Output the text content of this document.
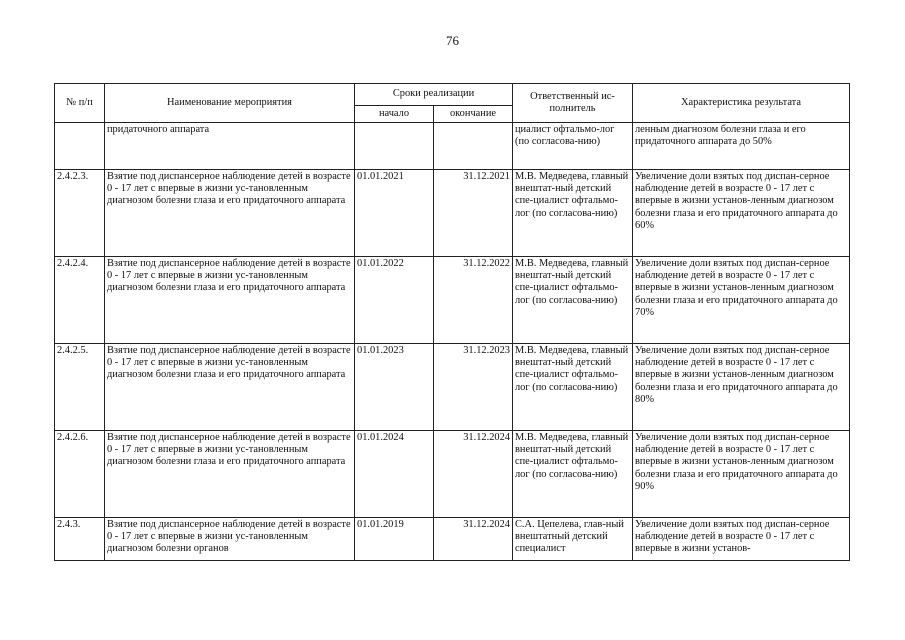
76
№ п/п	Наименование мероприятия	Сроки реализации		Ответственный ис-полнитель	Характеристика результата
		начало	окончание		
	придаточного аппарата			циалист офтальмо-лог (по согласова-нию)	ленным диагнозом болезни глаза и его придаточного аппарата до 50%
2.4.2.3.	Взятие под диспансерное наблюдение детей в возрасте 0 - 17 лет с впервые в жизни ус-тановленным диагнозом болезни глаза и его придаточного аппарата	01.01.2021	31.12.2021	М.В. Медведева, главный внештат-ный детский спе-циалист офтальмо-лог (по согласова-нию)	Увеличение доли взятых под диспан-серное наблюдение детей в возрасте 0 - 17 лет с впервые в жизни установ-ленным диагнозом болезни глаза и его придаточного аппарата до 60%
2.4.2.4.	Взятие под диспансерное наблюдение детей в возрасте 0 - 17 лет с впервые в жизни ус-тановленным диагнозом болезни глаза и его придаточного аппарата	01.01.2022	31.12.2022	М.В. Медведева, главный внештат-ный детский спе-циалист офтальмо-лог (по согласова-нию)	Увеличение доли взятых под диспан-серное наблюдение детей в возрасте 0 - 17 лет с впервые в жизни установ-ленным диагнозом болезни глаза и его придаточного аппарата до 70%
2.4.2.5.	Взятие под диспансерное наблюдение детей в возрасте 0 - 17 лет с впервые в жизни ус-тановленным диагнозом болезни глаза и его придаточного аппарата	01.01.2023	31.12.2023	М.В. Медведева, главный внештат-ный детский спе-циалист офтальмо-лог (по согласова-нию)	Увеличение доли взятых под диспан-серное наблюдение детей в возрасте 0 - 17 лет с впервые в жизни установ-ленным диагнозом болезни глаза и его придаточного аппарата до 80%
2.4.2.6.	Взятие под диспансерное наблюдение детей в возрасте 0 - 17 лет с впервые в жизни ус-тановленным диагнозом болезни глаза и его придаточного аппарата	01.01.2024	31.12.2024	М.В. Медведева, главный внештат-ный детский спе-циалист офтальмо-лог (по согласова-нию)	Увеличение доли взятых под диспан-серное наблюдение детей в возрасте 0 - 17 лет с впервые в жизни установ-ленным диагнозом болезни глаза и его придаточного аппарата до 90%
2.4.3.	Взятие под диспансерное наблюдение детей в возрасте 0 - 17 лет с впервые в жизни ус-тановленным диагнозом болезни органов	01.01.2019	31.12.2024	С.А. Цепелева, глав-ный внештатный детский специалист	Увеличение доли взятых под диспан-серное наблюдение детей в возрасте 0 - 17 лет с впервые в жизни установ-
